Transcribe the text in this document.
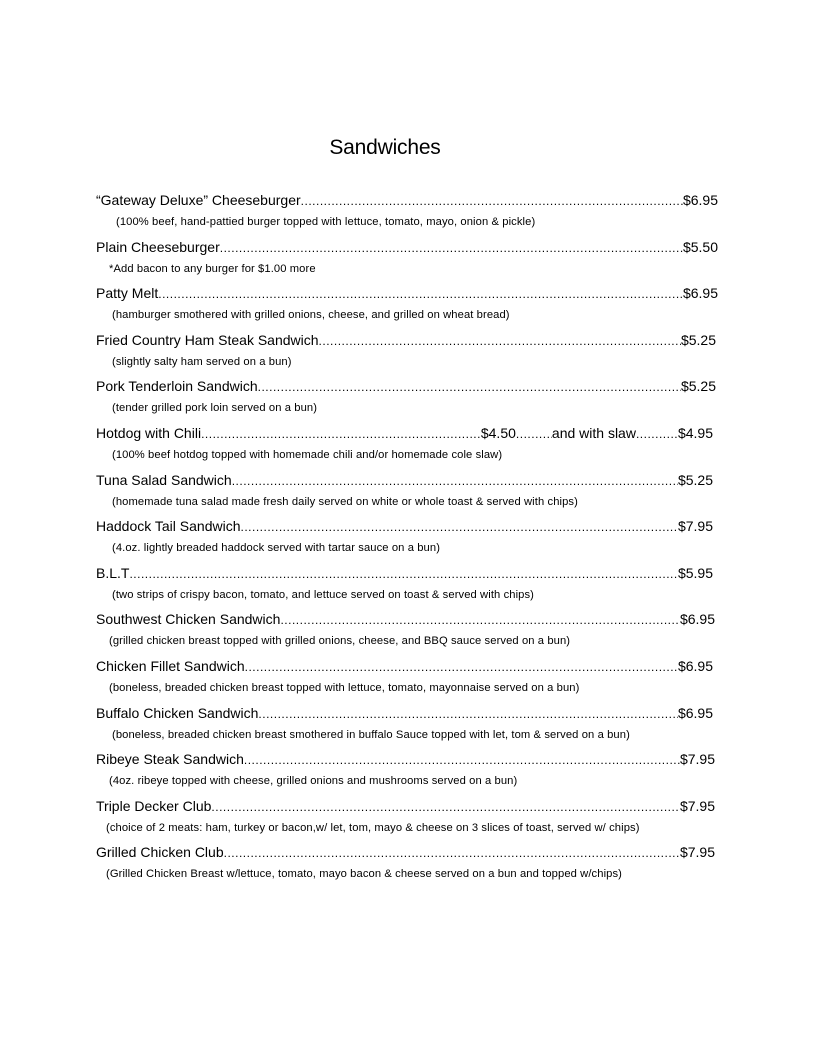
Sandwiches
“Gateway Deluxe” Cheeseburger .....	$6.95
(100% beef, hand-pattied burger topped with lettuce, tomato, mayo, onion & pickle)
Plain Cheeseburger .....	$5.50
*Add bacon to any burger for $1.00 more
Patty Melt .....	$6.95
(hamburger smothered with grilled onions, cheese, and grilled on wheat bread)
Fried Country Ham Steak Sandwich .....	$5.25
(slightly salty ham served on a bun)
Pork Tenderloin Sandwich .....	$5.25
(tender grilled pork loin served on a bun)
Hotdog with Chili .....	$4.50 .....	and with slaw .....	$4.95
(100% beef hotdog topped with homemade chili and/or homemade cole slaw)
Tuna Salad Sandwich .....	$5.25
(homemade tuna salad made fresh daily served on white or whole toast & served with chips)
Haddock Tail Sandwich .....	$7.95
(4.oz. lightly breaded haddock served with tartar sauce on a bun)
B.L.T .....	$5.95
(two strips of crispy bacon, tomato, and lettuce served on toast & served with chips)
Southwest Chicken Sandwich .....	$6.95
(grilled chicken breast topped with grilled onions, cheese, and BBQ sauce served on a bun)
Chicken Fillet Sandwich .....	$6.95
(boneless, breaded chicken breast topped with lettuce, tomato, mayonnaise served on a bun)
Buffalo Chicken Sandwich .....	$6.95
(boneless, breaded chicken breast smothered in buffalo Sauce topped with let, tom & served on a bun)
Ribeye Steak Sandwich .....	$7.95
(4oz. ribeye topped with cheese, grilled onions and mushrooms served on a bun)
Triple Decker Club .....	$7.95
(choice of 2 meats: ham, turkey or bacon,w/ let, tom, mayo & cheese on 3 slices of toast, served w/ chips)
Grilled Chicken Club .....	$7.95
(Grilled Chicken Breast w/lettuce, tomato, mayo bacon & cheese served on a bun and topped w/chips)
